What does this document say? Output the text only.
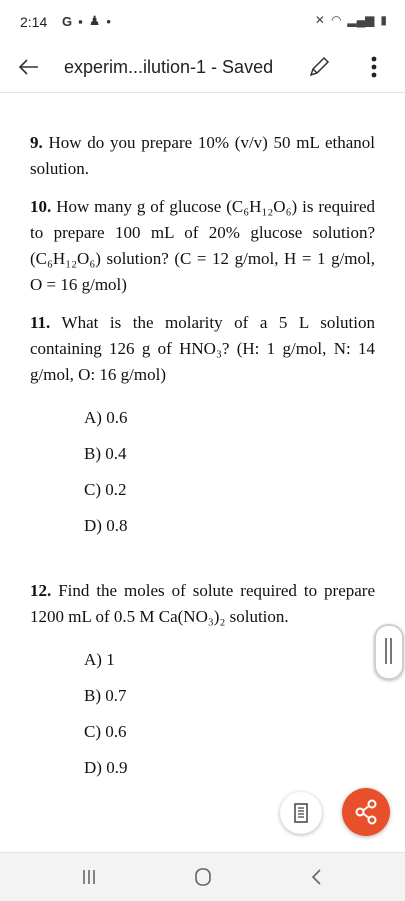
2:14 G ▪ ♟ •	✕ ◠ ▂▄▆ ▮
experim...ilution-1 - Saved

9. How do you prepare 10% (v/v) 50 mL ethanol solution.

10. How many g of glucose (C₆H₁₂O₆) is required to prepare 100 mL of 20% glucose solution? (C₆H₁₂O₆) solution? (C = 12 g/mol, H = 1 g/mol, O = 16 g/mol)

11. What is the molarity of a 5 L solution containing 126 g of HNO₃? (H: 1 g/mol, N: 14 g/mol, O: 16 g/mol)

A) 0.6
B) 0.4
C) 0.2
D) 0.8

12. Find the moles of solute required to prepare 1200 mL of 0.5 M Ca(NO₃)₂ solution.

A) 1
B) 0.7
C) 0.6
D) 0.9
